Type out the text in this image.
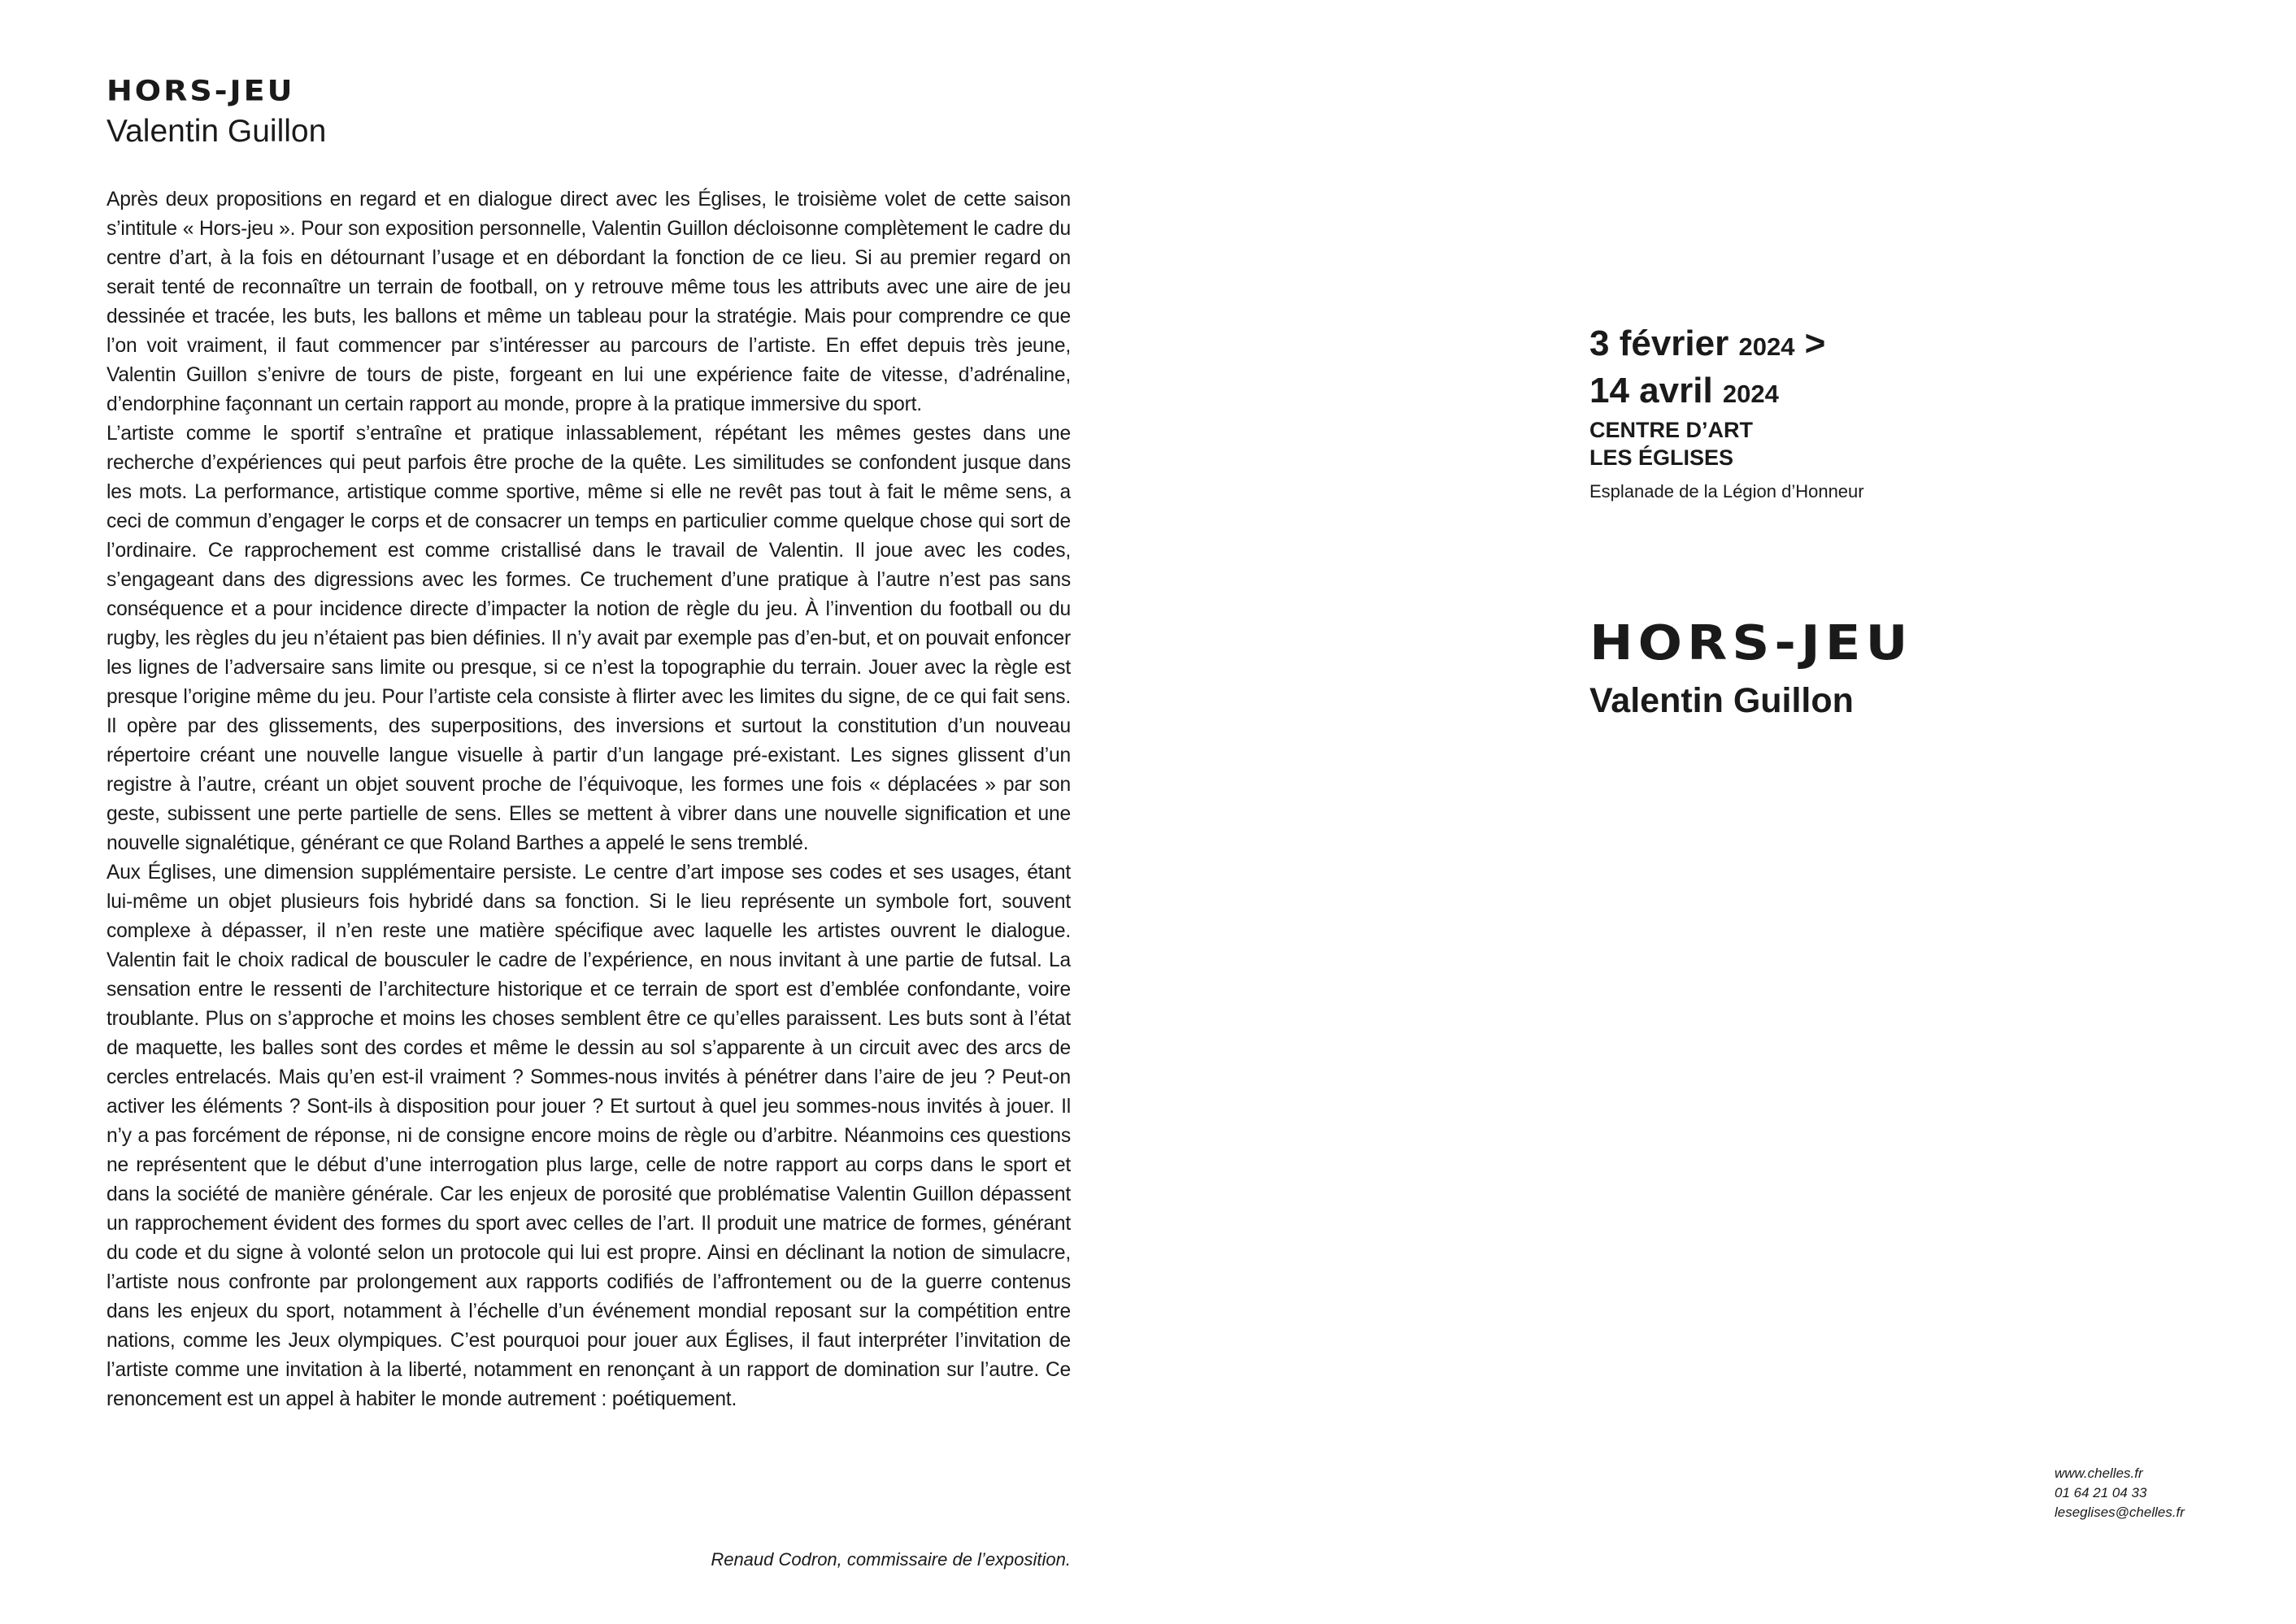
HORS-JEU
Valentin Guillon

Après deux propositions en regard et en dialogue direct avec les Églises, le troisième volet de cette saison s’intitule « Hors-jeu ». Pour son exposition personnelle, Valentin Guillon décloisonne complètement le cadre du centre d’art, à la fois en détournant l’usage et en débordant la fonction de ce lieu. Si au premier regard on serait tenté de reconnaître un terrain de football, on y retrouve même tous les attributs avec une aire de jeu dessinée et tracée, les buts, les ballons et même un tableau pour la stratégie. Mais pour comprendre ce que l’on voit vraiment, il faut commencer par s’intéresser au parcours de l’artiste. En effet depuis très jeune, Valentin Guillon s’enivre de tours de piste, forgeant en lui une expérience faite de vitesse, d’adrénaline, d’endorphine façonnant un certain rapport au monde, propre à la pratique immersive du sport.

L’artiste comme le sportif s’entraîne et pratique inlassablement, répétant les mêmes gestes dans une recherche d’expériences qui peut parfois être proche de la quête. Les similitudes se confondent jusque dans les mots. La performance, artistique comme sportive, même si elle ne revêt pas tout à fait le même sens, a ceci de commun d’engager le corps et de consacrer un temps en particulier comme quelque chose qui sort de l’ordinaire. Ce rapprochement est comme cristallisé dans le travail de Valentin. Il joue avec les codes, s’engageant dans des digressions avec les formes. Ce truchement d’une pratique à l’autre n’est pas sans conséquence et a pour incidence directe d’impacter la notion de règle du jeu. À l’invention du football ou du rugby, les règles du jeu n’étaient pas bien définies. Il n’y avait par exemple pas d’en-but, et on pouvait enfoncer les lignes de l’adversaire sans limite ou presque, si ce n’est la topographie du terrain. Jouer avec la règle est presque l’origine même du jeu. Pour l’artiste cela consiste à flirter avec les limites du signe, de ce qui fait sens. Il opère par des glissements, des superpositions, des inversions et surtout la constitution d’un nouveau répertoire créant une nouvelle langue visuelle à partir d’un langage pré-existant. Les signes glissent d’un registre à l’autre, créant un objet souvent proche de l’équivoque, les formes une fois « déplacées » par son geste, subissent une perte partielle de sens. Elles se mettent à vibrer dans une nouvelle signification et une nouvelle signalétique, générant ce que Roland Barthes a appelé le sens tremblé.

Aux Églises, une dimension supplémentaire persiste. Le centre d’art impose ses codes et ses usages, étant lui-même un objet plusieurs fois hybridé dans sa fonction. Si le lieu représente un symbole fort, souvent complexe à dépasser, il n’en reste une matière spécifique avec laquelle les artistes ouvrent le dialogue. Valentin fait le choix radical de bousculer le cadre de l’expérience, en nous invitant à une partie de futsal. La sensation entre le ressenti de l’architecture historique et ce terrain de sport est d’emblée confondante, voire troublante. Plus on s’approche et moins les choses semblent être ce qu’elles paraissent. Les buts sont à l’état de maquette, les balles sont des cordes et même le dessin au sol s’apparente à un circuit avec des arcs de cercles entrelacés. Mais qu’en est-il vraiment ? Sommes-nous invités à pénétrer dans l’aire de jeu ? Peut-on activer les éléments ? Sont-ils à disposition pour jouer ? Et surtout à quel jeu sommes-nous invités à jouer. Il n’y a pas forcément de réponse, ni de consigne encore moins de règle ou d’arbitre. Néanmoins ces questions ne représentent que le début d’une interrogation plus large, celle de notre rapport au corps dans le sport et dans la société de manière générale. Car les enjeux de porosité que problématise Valentin Guillon dépassent un rapprochement évident des formes du sport avec celles de l’art. Il produit une matrice de formes, générant du code et du signe à volonté selon un protocole qui lui est propre. Ainsi en déclinant la notion de simulacre, l’artiste nous confronte par prolongement aux rapports codifiés de l’affrontement ou de la guerre contenus dans les enjeux du sport, notamment à l’échelle d’un événement mondial reposant sur la compétition entre nations, comme les Jeux olympiques. C’est pourquoi pour jouer aux Églises, il faut interpréter l’invitation de l’artiste comme une invitation à la liberté, notamment en renonçant à un rapport de domination sur l’autre. Ce renoncement est un appel à habiter le monde autrement : poétiquement.

Renaud Codron, commissaire de l’exposition.
3 février 2024 >
14 avril 2024
CENTRE D’ART
LES ÉGLISES
Esplanade de la Légion d’Honneur
HORS-JEU
Valentin Guillon
www.chelles.fr
01 64 21 04 33
leseglises@chelles.fr
